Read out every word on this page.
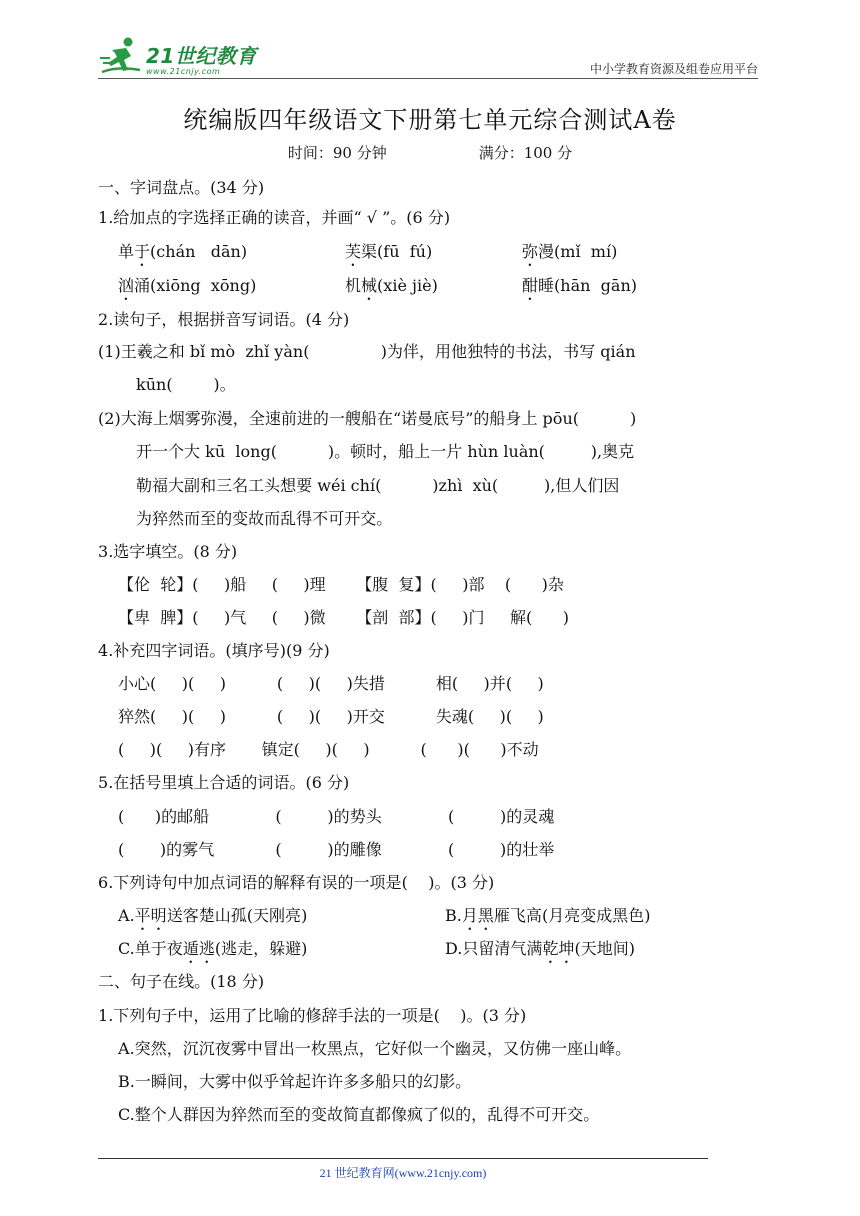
21世纪教育
www.21cnjy.com	中小学教育资源及组卷应用平台
统编版四年级语文下册第七单元综合测试A卷
时间：90 分钟	满分：100 分
一、字词盘点。(34 分)
1.给加点的字选择正确的读音，并画“ √ ”。(6 分)
单于(chán dān)	芙渠(fū fú)	弥漫(mǐ mí)
汹涌(xiōng xōng)	机械(xiè jiè)	酣睡(hān gān)
2.读句子，根据拼音写词语。(4 分)
(1)王羲之和 bǐ mò zhǐ yàn(	)为伴，用他独特的书法，书写 qián
kūn(	)。
(2)大海上烟雾弥漫，全速前进的一艘船在“诺曼底号”的船身上 pōu(	)
开一个大 kū long(	)。顿时，船上一片 hùn luàn(	),奥克
勒福大副和三名工头想要 wéi chí(	)zhì xù(	),但人们因
为猝然而至的变故而乱得不可开交。
3.选字填空。(8 分)
【伦 轮】( )船 ( )理 【腹 复】( )部 ( )杂
【卑 脾】( )气 ( )微 【剖 部】( )门 解( )
4.补充四字词语。(填序号)(9 分)
小心( )( )	( )( )失措	相( )并( )
猝然( )( )	( )( )开交	失魂( )( )
( )( )有序 镇定( )( )	( )( )不动
5.在括号里填上合适的词语。(6 分)
( )的邮船	(	)的势头	(	)的灵魂
( )的雾气	(	)的雕像	(	)的壮举
6.下列诗句中加点词语的解释有误的一项是( )。(3 分)
A.平明送客楚山孤(天刚亮)	B.月黑雁飞高(月亮变成黑色)
C.单于夜遁逃(逃走，躲避)	D.只留清气满乾坤(天地间)
二、句子在线。(18 分)
1.下列句子中，运用了比喻的修辞手法的一项是( )。(3 分)
A.突然，沉沉夜雾中冒出一枚黑点，它好似一个幽灵，又仿佛一座山峰。
B.一瞬间，大雾中似乎耸起许许多多船只的幻影。
C.整个人群因为猝然而至的变故简直都像疯了似的，乱得不可开交。
21 世纪教育网(www.21cnjy.com)
